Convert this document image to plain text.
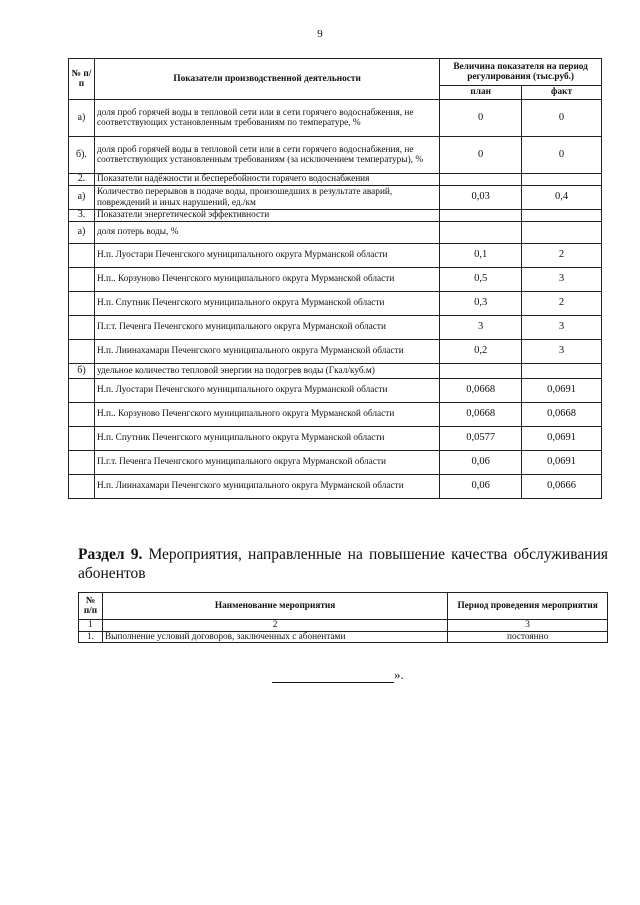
9
№ п/п	Показатели производственной деятельности	Величина показателя на период регулирования (тыс.руб.)	
		план	факт
а)	доля проб горячей воды в тепловой сети или в сети горячего водоснабжения, не соответствующих установленным требованиям по температуре, %	0	0
б).	доля проб горячей воды в тепловой сети или в сети горячего водоснабжения, не соответствующих установленным требованиям (за исключением температуры), %	0	0
2.	Показатели надёжности и бесперебойности горячего водоснабжения		
а)	Количество перерывов в подаче воды, произошедших в результате аварий, повреждений и иных нарушений, ед./км	0,03	0,4
3.	Показатели энергетической эффективности		
а)	доля потерь воды, %		
	Н.п. Луостари Печенгского муниципального округа Мурманской области	0,1	2
	Н.п.. Корзуново Печенгского муниципального округа Мурманской области	0,5	3
	Н.п. Спутник Печенгского муниципального округа Мурманской области	0,3	2
	П.г.т. Печенга Печенгского муниципального округа Мурманской области	3	3
	Н.п. Лиинахамари Печенгского муниципального округа Мурманской области	0,2	3
б)	удельное количество тепловой энергии на подогрев воды (Гкал/куб.м)		
	Н.п. Луостари Печенгского муниципального округа Мурманской области	0,0668	0,0691
	Н.п.. Корзуново Печенгского муниципального округа Мурманской области	0,0668	0,0668
	Н.п. Спутник Печенгского муниципального округа Мурманской области	0,0577	0,0691
	П.г.т. Печенга Печенгского муниципального округа Мурманской области	0,06	0,0691
	Н.п. Лиинахамари Печенгского муниципального округа Мурманской области	0,06	0,0666
Раздел 9. Мероприятия, направленные на повышение качества обслуживания абонентов
№ п/п	Наименование мероприятия	Период проведения мероприятия
1	2	3
1.	Выполнение условий договоров, заключенных с абонентами	постоянно
».
